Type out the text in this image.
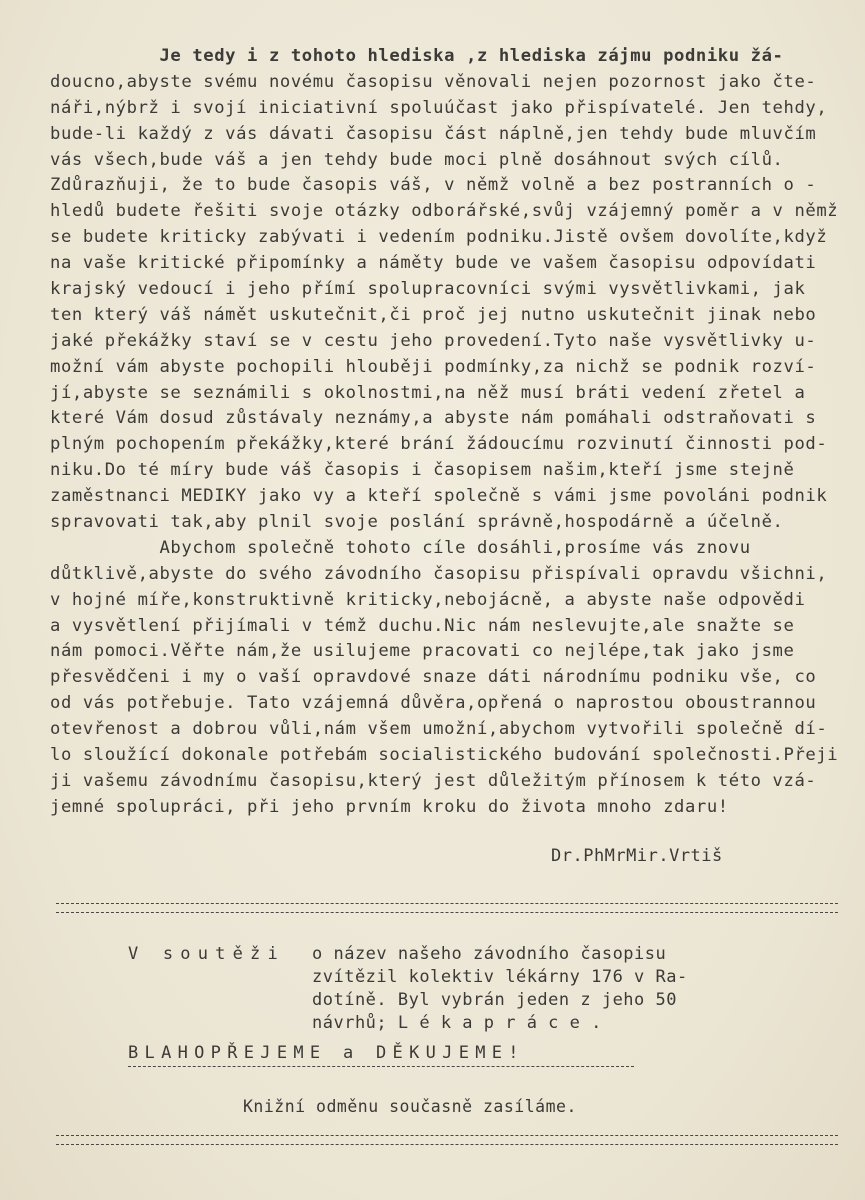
Je tedy i z tohoto hlediska ,z hlediska zájmu podniku žá-
doucno,abyste svému novému časopisu věnovali nejen pozornost jako čte-
náři,nýbrž i svojí iniciativní spoluúčast jako přispívatelé. Jen tehdy,
bude-li každý z vás dávati časopisu část náplně,jen tehdy bude mluvčím
vás všech,bude váš a jen tehdy bude moci plně dosáhnout svých cílů.
Zdůrazňuji, že to bude časopis váš, v němž volně a bez postranních o -
hledů budete řešiti svoje otázky odborářské,svůj vzájemný poměr a v němž
se budete kriticky zabývati i vedením podniku.Jistě ovšem dovolíte,když
na vaše kritické připomínky a náměty bude ve vašem časopisu odpovídati
krajský vedoucí i jeho přímí spolupracovníci svými vysvětlivkami, jak
ten který váš námět uskutečnit,či proč jej nutno uskutečnit jinak nebo
jaké překážky staví se v cestu jeho provedení.Tyto naše vysvětlivky u-
možní vám abyste pochopili hlouběji podmínky,za nichž se podnik rozví-
jí,abyste se seznámili s okolnostmi,na něž musí bráti vedení zřetel a
které Vám dosud zůstávaly neznámy,a abyste nám pomáhali odstraňovati s
plným pochopením překážky,které brání žádoucímu rozvinutí činnosti pod-
niku.Do té míry bude váš časopis i časopisem našim,kteří jsme stejně
zaměstnanci MEDIKY jako vy a kteří společně s vámi jsme povoláni podnik
spravovati tak,aby plnil svoje poslání správně,hospodárně a účelně.
Abychom společně tohoto cíle dosáhli,prosíme vás znovu
důtklivě,abyste do svého závodního časopisu přispívali opravdu všichni,
v hojné míře,konstruktivně kriticky,nebojácně, a abyste naše odpovědi
a vysvětlení přijímali v témž duchu.Nic nám neslevujte,ale snažte se
nám pomoci.Věřte nám,že usilujeme pracovati co nejlépe,tak jako jsme
přesvědčeni i my o vaší opravdové snaze dáti národnímu podniku vše, co
od vás potřebuje. Tato vzájemná důvěra,opřená o naprostou oboustrannou
otevřenost a dobrou vůli,nám všem umožní,abychom vytvořili společně dí-
lo sloužící dokonale potřebám socialistického budování společnosti.Přeji
ji vašemu závodnímu časopisu,který jest důležitým přínosem k této vzá-
jemné spolupráci, při jeho prvním kroku do života mnoho zdaru!
Dr.PhMrMir.Vrtiš
V soutěži o název našeho závodního časopisu
zvítězil kolektiv lékárny 176 v Ra-
dotíně. Byl vybrán jeden z jeho 50
návrhů; L é k a p r á c e .
BLAHOPŘEJEME a DĚKUJEME!
Knižní odměnu současně zasíláme.
